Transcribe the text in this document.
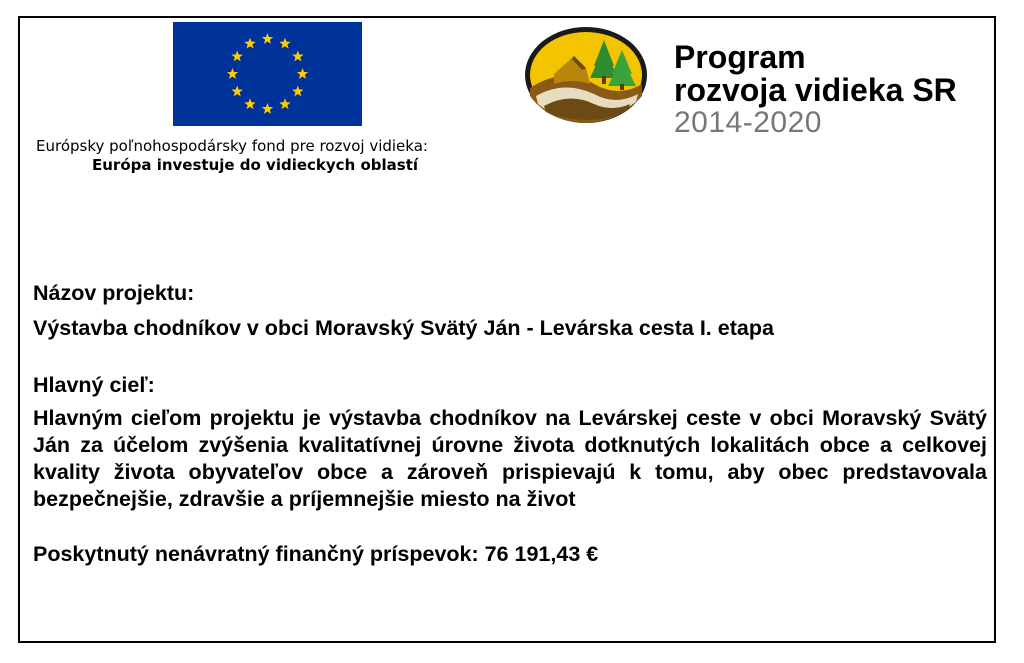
Európsky poľnohospodársky fond pre rozvoj vidieka:
Európa investuje do vidieckych oblastí
Program
rozvoja vidieka SR
2014-2020

Názov projektu:

Výstavba chodníkov v obci Moravský Svätý Ján - Levárska cesta I. etapa

Hlavný cieľ:

Hlavným cieľom projektu je výstavba chodníkov na Levárskej ceste v obci Moravský Svätý Ján za účelom zvýšenia kvalitatívnej úrovne života dotknutých lokalitách obce a celkovej kvality života obyvateľov obce a zároveň prispievajú k tomu, aby obec predstavovala bezpečnejšie, zdravšie a príjemnejšie miesto na život

Poskytnutý nenávratný finančný príspevok: 76 191,43 €
